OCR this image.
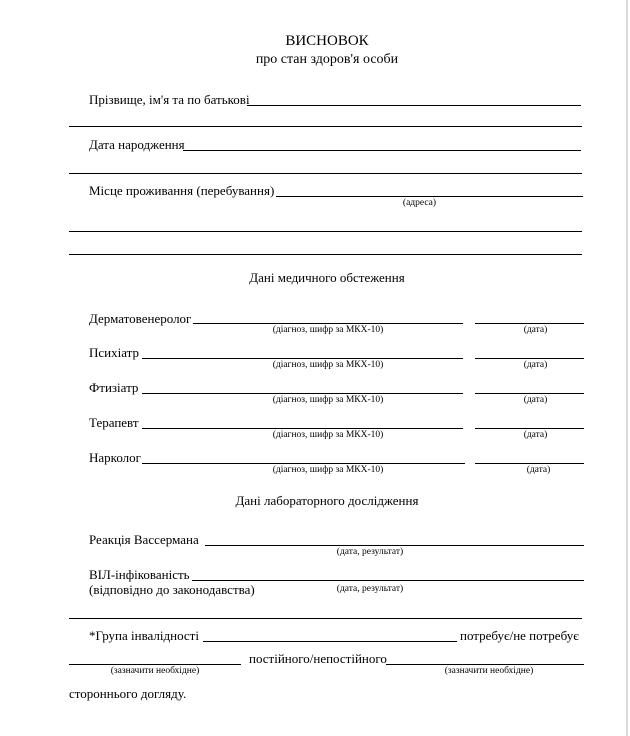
ВИСНОВОК
про стан здоров'я особи
Прізвище, ім'я та по батькові
Дата народження
Місце проживання (перебування)
(адреса)
Дані медичного обстеження
Дерматовенеролог
(діагноз, шифр за МКХ-10)	(дата)
Психіатр
(діагноз, шифр за МКХ-10)	(дата)
Фтизіатр
(діагноз, шифр за МКХ-10)	(дата)
Терапевт
(діагноз, шифр за МКХ-10)	(дата)
Нарколог
(діагноз, шифр за МКХ-10)	(дата)
Дані лабораторного дослідження
Реакція Вассермана
(дата, результат)
ВІЛ-інфікованість
(відповідно до законодавства)	(дата, результат)
*Група інвалідності	потребує/не потребує
постійного/непостійного
(зазначити необхідне)	(зазначити необхідне)
стороннього догляду.
